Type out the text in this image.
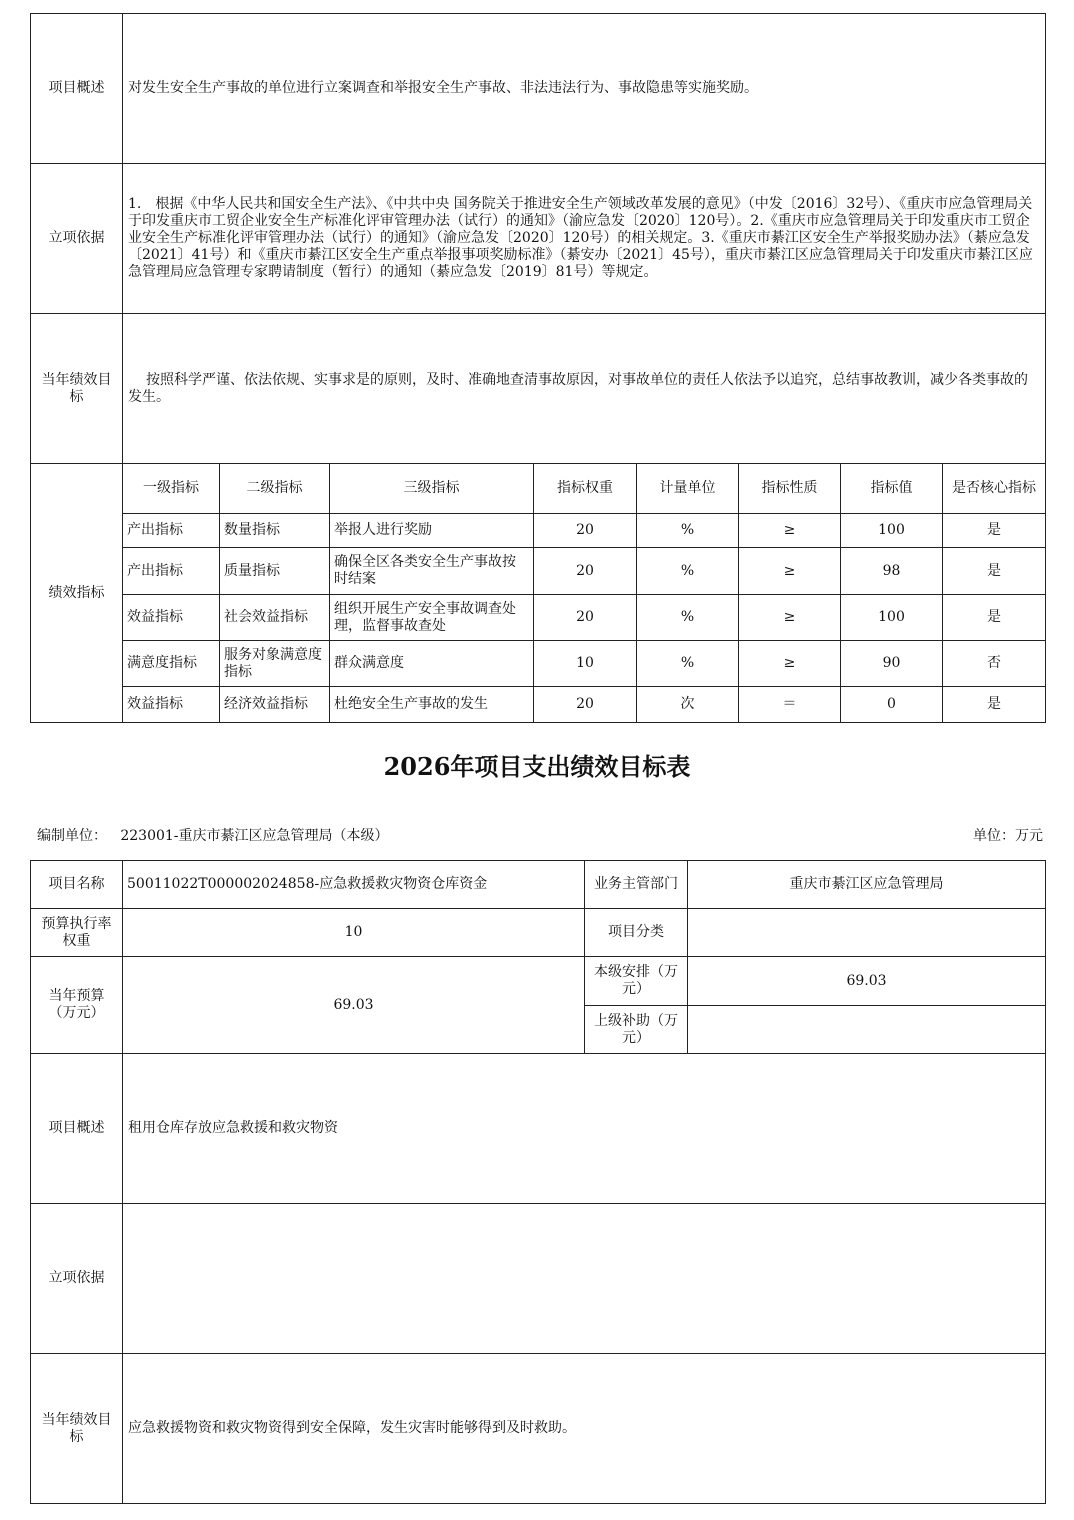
项目概述	对发生安全生产事故的单位进行立案调查和举报安全生产事故、非法违法行为、事故隐患等实施奖励。							
立项依据	1.　根据《中华人民共和国安全生产法》、《中共中央 国务院关于推进安全生产领域改革发展的意见》（中发〔2016〕32号）、《重庆市应急管理局关于印发重庆市工贸企业安全生产标准化评审管理办法（试行）的通知》（渝应急发〔2020〕120号）。2.《重庆市应急管理局关于印发重庆市工贸企业安全生产标准化评审管理办法（试行）的通知》（渝应急发〔2020〕120号）的相关规定。3.《重庆市綦江区安全生产举报奖励办法》（綦应急发〔2021〕41号）和《重庆市綦江区安全生产重点举报事项奖励标准》（綦安办〔2021〕45号），重庆市綦江区应急管理局关于印发重庆市綦江区应急管理局应急管理专家聘请制度（暂行）的通知（綦应急发〔2019〕81号）等规定。							
当年绩效目标	按照科学严谨、依法依规、实事求是的原则，及时、准确地查清事故原因，对事故单位的责任人依法予以追究，总结事故教训，减少各类事故的发生。							
绩效指标	一级指标	二级指标	三级指标	指标权重	计量单位	指标性质	指标值	是否核心指标
	产出指标	数量指标	举报人进行奖励	20	%	≥	100	是
	产出指标	质量指标	确保全区各类安全生产事故按时结案	20	%	≥	98	是
	效益指标	社会效益指标	组织开展生产安全事故调查处理，监督事故查处	20	%	≥	100	是
	满意度指标	服务对象满意度指标	群众满意度	10	%	≥	90	否
	效益指标	经济效益指标	杜绝安全生产事故的发生	20	次	＝	0	是
2026年项目支出绩效目标表
编制单位： 223001-重庆市綦江区应急管理局（本级）	单位：万元
项目名称	50011022T000002024858-应急救援救灾物资仓库资金	业务主管部门	重庆市綦江区应急管理局
预算执行率权重	10	项目分类	
当年预算（万元）	69.03	本级安排（万元）	69.03
		上级补助（万元）	
项目概述	租用仓库存放应急救援和救灾物资		
立项依据			
当年绩效目标	应急救援物资和救灾物资得到安全保障，发生灾害时能够得到及时救助。		
